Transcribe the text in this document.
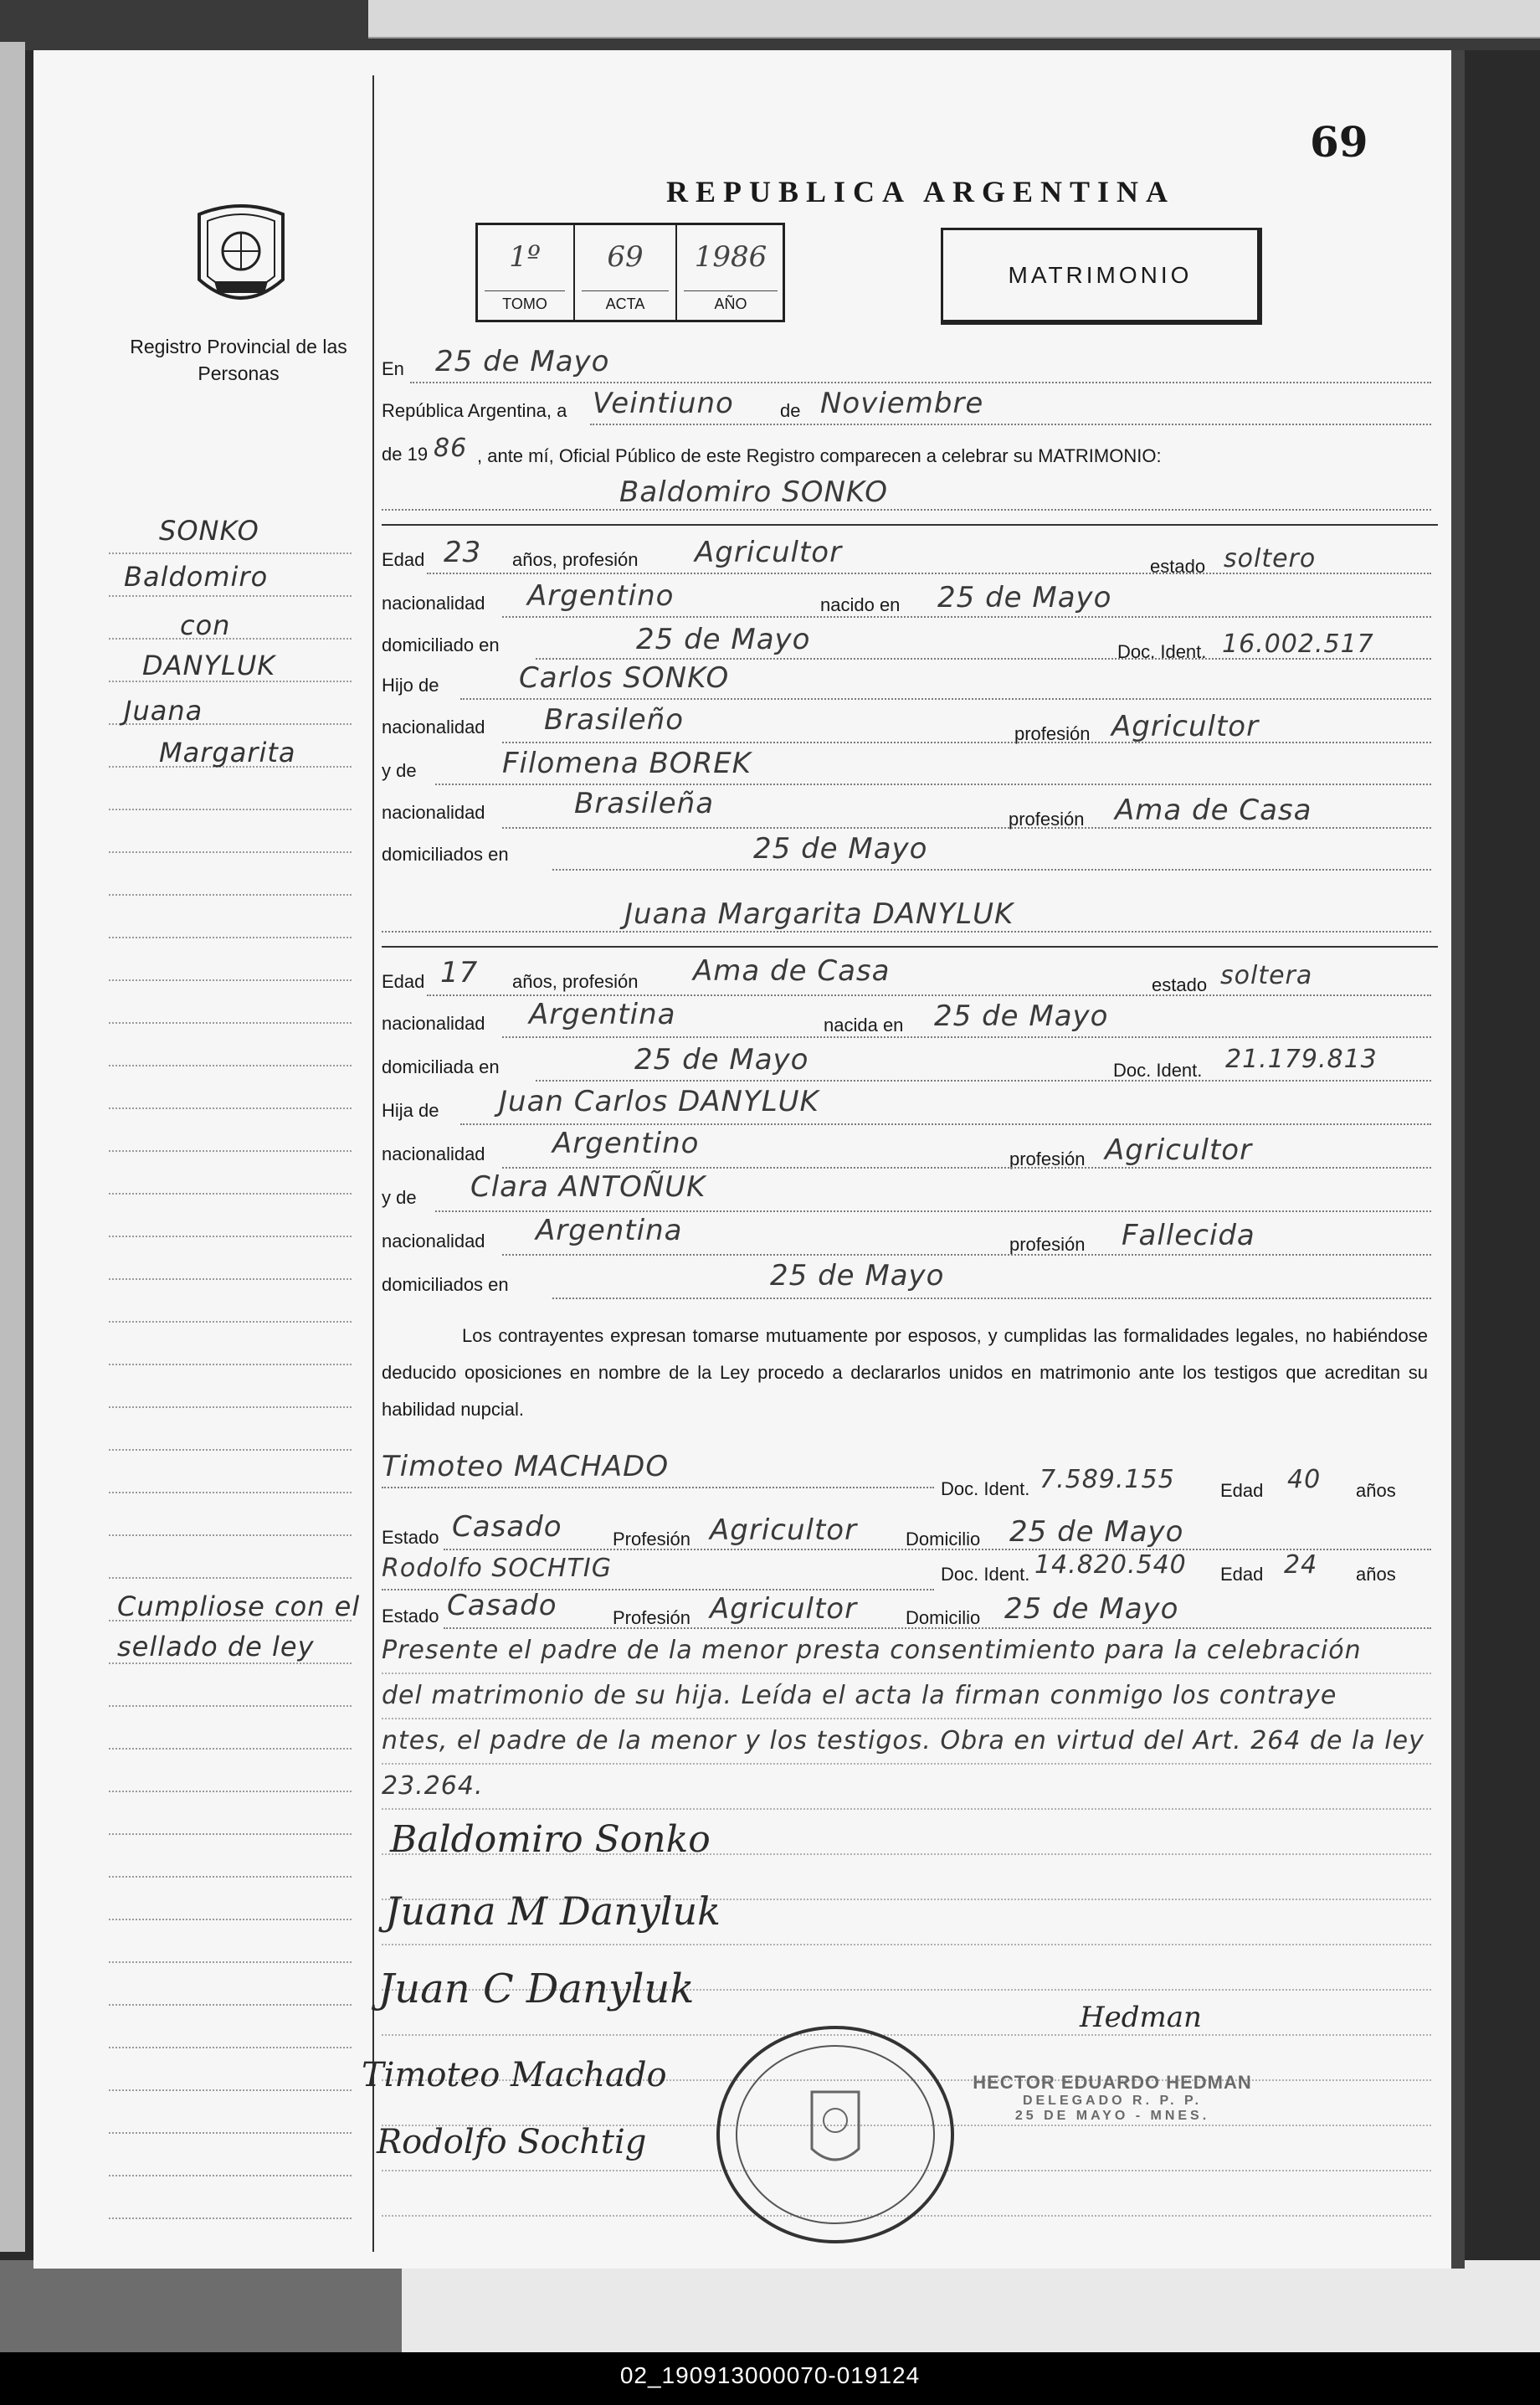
69
REPUBLICA ARGENTINA
1º
TOMO
69
ACTA
1986
AÑO
MATRIMONIO
Registro Provincial de las Personas
SONKO
Baldomiro
con
DANYLUK
Juana
Margarita
Cumpliose con el
sellado de ley
En 25 de Mayo
República Argentina, a Veintiuno	de Noviembre
de 19 86 , ante mí, Oficial Público de este Registro comparecen a celebrar su MATRIMONIO:
Baldomiro SONKO
Edad 23 años, profesión Agricultor	estado soltero
nacionalidad Argentino	nacido en 25 de Mayo
domiciliado en	25 de Mayo	Doc. Ident. 16.002.517
Hijo de	Carlos SONKO
nacionalidad Brasileño	profesión Agricultor
y de	Filomena BOREK
nacionalidad	Brasileña	profesión Ama de Casa
domiciliados en	25 de Mayo
Juana Margarita DANYLUK
Edad 17 años, profesión Ama de Casa	estado soltera
nacionalidad Argentina	nacida en 25 de Mayo
domiciliada en	25 de Mayo	Doc. Ident. 21.179.813
Hija de Juan Carlos DANYLUK
nacionalidad Argentino	profesión Agricultor
y de Clara ANTOÑUK
nacionalidad Argentina	profesión Fallecida
domiciliados en	25 de Mayo
Los contrayentes expresan tomarse mutuamente por esposos, y cumplidas las formalidades legales, no habiéndose deducido oposiciones en nombre de la Ley procedo a declararlos unidos en matrimonio ante los testigos que acreditan su habilidad nupcial.
Timoteo MACHADO
Doc. Ident. 7.589.155 Edad 40 años
Estado Casado	Profesión Agricultor	Domicilio 25 de Mayo
Rodolfo SOCHTIG	Doc. Ident. 14.820.540 Edad 24 años
Estado Casado	Profesión Agricultor	Domicilio 25 de Mayo
Presente el padre de la menor presta consentimiento para la celebración
del matrimonio de su hija. Leída el acta la firman conmigo los contraye
ntes, el padre de la menor y los testigos. Obra en virtud del Art. 264 de la ley
23.264.
Baldomiro Sonko
Juana M Danyluk
Juan C Danyluk
Timoteo Machado
Rodolfo Sochtig
Hedman
HECTOR EDUARDO HEDMAN
DELEGADO R. P. P.
25 DE MAYO - MNES.
02_190913000070-019124
